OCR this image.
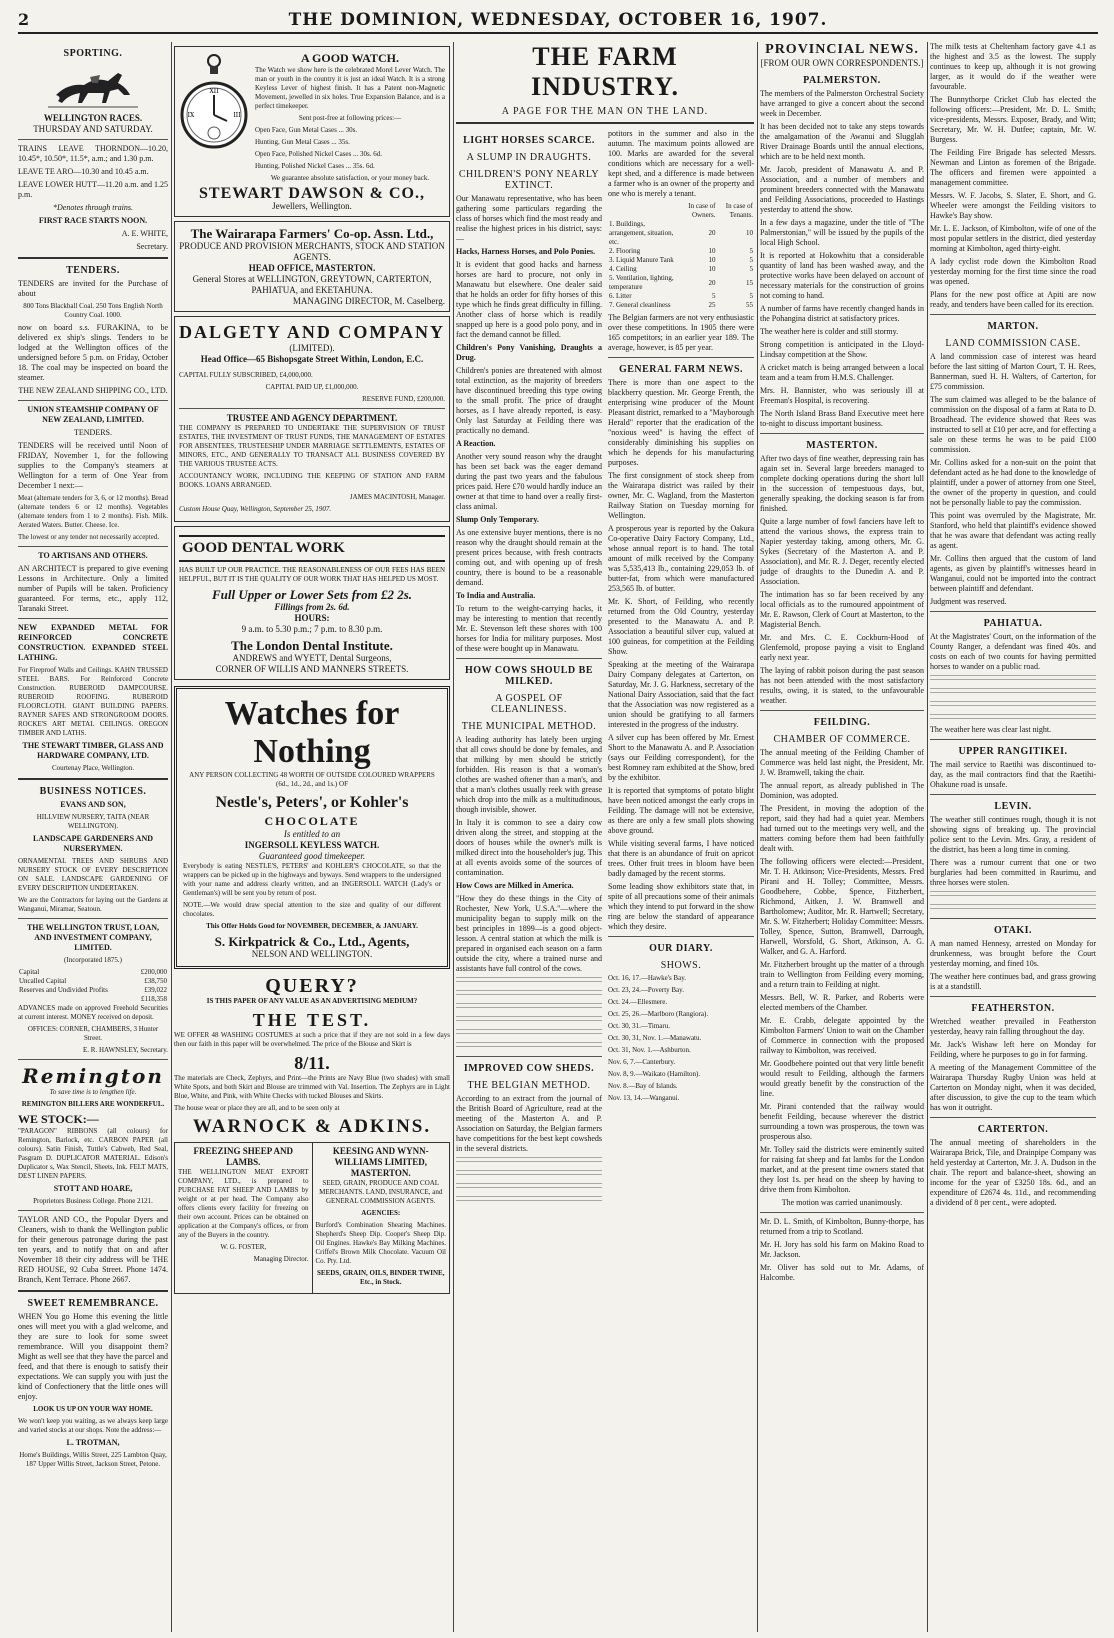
2	THE DOMINION, WEDNESDAY, OCTOBER 16, 1907.
SPORTING.
WELLINGTON RACES.
THURSDAY AND SATURDAY.
TRAINS LEAVE THORNDON—10.20, 10.45*, 10.50*, 11.5*, a.m.; and 1.30 p.m.
LEAVE TE ARO—10.30 and 10.45 a.m.
LEAVE LOWER HUTT—11.20 a.m. and 1.25 p.m.
*Denotes through trains.
FIRST RACE STARTS NOON.
A. E. WHITE,
Secretary.
TENDERS.
TENDERS are invited for the Purchase of about
800 Tons Blackball Coal. 250 Tons English North Country Coal. 1000.
now on board s.s. FURAKINA, to be delivered ex ship's slings. Tenders to be lodged at the Wellington offices of the undersigned before 5 p.m. on Friday, October 18. The coal may be inspected on board the steamer.
THE NEW ZEALAND SHIPPING CO., LTD.
UNION STEAMSHIP COMPANY OF NEW ZEALAND, LIMITED.
TENDERS.
TENDERS will be received until Noon of FRIDAY, November 1, for the following supplies to the Company's steamers at Wellington for a term of One Year from December 1 next:—
Meat (alternate tenders for 3, 6, or 12 months). Bread (alternate tenders 6 or 12 months). Vegetables (alternate tenders from 1 to 2 months). Fish. Milk. Aerated Waters. Butter. Cheese. Ice.
The lowest or any tender not necessarily accepted.
TO ARTISANS AND OTHERS.
AN ARCHITECT is prepared to give evening Lessons in Architecture. Only a limited number of Pupils will be taken. Proficiency guaranteed. For terms, etc., apply 112, Taranaki Street.
NEW EXPANDED METAL FOR REINFORCED CONCRETE CONSTRUCTION. EXPANDED STEEL LATHING.
For Fireproof Walls and Ceilings. KAHN TRUSSED STEEL BARS. For Reinforced Concrete Construction. RUBEROID DAMPCOURSE. RUBEROID ROOFING. RUBEROID FLOORCLOTH. GIANT BUILDING PAPERS. RAYNER SAFES AND STRONGROOM DOORS. ROCKE'S ART METAL CEILINGS. OREGON TIMBER AND LATHS.
THE STEWART TIMBER, GLASS AND HARDWARE COMPANY, LTD.
Courtenay Place, Wellington.
BUSINESS NOTICES.
EVANS AND SON,
HILLVIEW NURSERY, TAITA (NEAR WELLINGTON).
LANDSCAPE GARDENERS AND NURSERYMEN.
ORNAMENTAL TREES AND SHRUBS AND NURSERY STOCK OF EVERY DESCRIPTION ON SALE. LANDSCAPE GARDENING OF EVERY DESCRIPTION UNDERTAKEN.
We are the Contractors for laying out the Gardens at Wanganui, Miramar, Seatoun.
THE WELLINGTON TRUST, LOAN, AND INVESTMENT COMPANY, LIMITED.
(Incorporated 1875.)
Capital	£200,000
Uncalled Capital	£38,750
Reserves and Undivided Profits	£39,022
	£118,358
ADVANCES made on approved Freehold Securities at current interest. MONEY received on deposit.
OFFICES: CORNER, CHAMBERS, 3 Hunter Street.
E. R. HAWNSLEY, Secretary.
Remington
To save time is to lengthen life.
REMINGTON BILLERS ARE WONDERFUL.
WE STOCK:—
"PARAGON" RIBBONS (all colours) for Remington, Barlock, etc. CARBON PAPER (all colours). Satin Finish, Tuttle's Cabweb, Red Seal, Pasgram D. DUPLICATOR MATERIAL. Edison's Duplicator s, Wax Stencil, Sheets, Ink. FELT MATS, DEST LINEN PAPERS.
STOTT AND HOARE,
Proprietors Business College. Phone 2121.
TAYLOR AND CO., the Popular Dyers and Cleaners, wish to thank the Wellington public for their generous patronage during the past ten years, and to notify that on and after November 18 their city address will be THE RED HOUSE, 92 Cuba Street. Phone 1474. Branch, Kent Terrace. Phone 2667.
SWEET REMEMBRANCE.
WHEN You go Home this evening the little ones will meet you with a glad welcome, and they are sure to look for some sweet remembrance. Will you disappoint them? Might as well see that they have the parcel and feed, and that there is enough to satisfy their expectations. We can supply you with just the kind of Confectionery that the little ones will enjoy.
LOOK US UP ON YOUR WAY HOME.
We won't keep you waiting, as we always keep large and varied stocks at our shops. Note the address:—
L. TROTMAN,
Home's Buildings, Willis Street, 225 Lambton Quay, 187 Upper Willis Street, Jackson Street, Petone.
XII
III
IX
A GOOD WATCH.
The Watch we show here is the celebrated Morel Lever Watch. The man or youth in the country it is just an ideal Watch. It is a strong Keyless Lever of highest finish. It has a Patent non-Magnetic Movement, jewelled in six holes. True Expansion Balance, and is a perfect timekeeper.
Sent post-free at following prices:—
Open Face, Gun Metal Cases ... 30s.
Hunting, Gun Metal Cases ... 35s.
Open Face, Polished Nickel Cases ... 30s. 6d.
Hunting, Polished Nickel Cases ... 35s. 6d.
We guarantee absolute satisfaction, or your money back.
STEWART DAWSON & CO.,
Jewellers, Wellington.
The Wairarapa Farmers' Co-op. Assn. Ltd.,
PRODUCE AND PROVISION MERCHANTS, STOCK AND STATION AGENTS.
HEAD OFFICE, MASTERTON.
General Stores at WELLINGTON, GREYTOWN, CARTERTON, PAHIATUA, and EKETAHUNA.
MANAGING DIRECTOR, M. Caselberg.
DALGETY AND COMPANY
(LIMITED).
Head Office—65 Bishopsgate Street Within, London, E.C.
CAPITAL FULLY SUBSCRIBED, £4,000,000.
CAPITAL PAID UP, £1,000,000.
RESERVE FUND, £200,000.
TRUSTEE AND AGENCY DEPARTMENT.
THE COMPANY IS PREPARED TO UNDERTAKE THE SUPERVISION OF TRUST ESTATES, THE INVESTMENT OF TRUST FUNDS, THE MANAGEMENT OF ESTATES FOR ABSENTEES, TRUSTEESHIP UNDER MARRIAGE SETTLEMENTS, ESTATES OF MINORS, ETC., AND GENERALLY TO TRANSACT ALL BUSINESS COVERED BY THE VARIOUS TRUSTEE ACTS.
ACCOUNTANCY WORK, INCLUDING THE KEEPING OF STATION AND FARM BOOKS. LOANS ARRANGED.
JAMES MACINTOSH, Manager.
Custom House Quay, Wellington, September 25, 1907.
GOOD DENTAL WORK
HAS BUILT UP OUR PRACTICE. THE REASONABLENESS OF OUR FEES HAS BEEN HELPFUL, BUT IT IS THE QUALITY OF OUR WORK THAT HAS HELPED US MOST.
Full Upper or Lower Sets from £2 2s.
Fillings from 2s. 6d.
HOURS:
9 a.m. to 5.30 p.m.; 7 p.m. to 8.30 p.m.
The London Dental Institute.
ANDREWS and WYETT, Dental Surgeons,
CORNER OF WILLIS AND MANNERS STREETS.
Watches for Nothing
ANY PERSON COLLECTING 48 WORTH OF OUTSIDE COLOURED WRAPPERS (6d., 1d., 2d., and 1s.) OF
Nestle's, Peters', or Kohler's
CHOCOLATE
Is entitled to an
INGERSOLL KEYLESS WATCH.
Guaranteed good timekeeper.
Everybody is eating NESTLE'S, PETERS' and KOHLER'S CHOCOLATE, so that the wrappers can be picked up in the highways and byways. Send wrappers to the undersigned with your name and address clearly written, and an INGERSOLL WATCH (Lady's or Gentleman's) will be sent you by return of post.
NOTE.—We would draw special attention to the size and quality of our different chocolates.
This Offer Holds Good for NOVEMBER, DECEMBER, & JANUARY.
S. Kirkpatrick & Co., Ltd., Agents,
NELSON AND WELLINGTON.
QUERY?
IS THIS PAPER OF ANY VALUE AS AN ADVERTISING MEDIUM?
THE TEST.
WE OFFER 48 WASHING COSTUMES at such a price that if they are not sold in a few days then our faith in this paper will be overwhelmed. The price of the Blouse and Skirt is
8/11.
The materials are Check, Zephyrs, and Print—the Prints are Navy Blue (two shades) with small White Spots, and both Skirt and Blouse are trimmed with Val. Insertion. The Zephyrs are in Light Blue, White, and Pink, with White Checks with tucked Blouses and Skirts.
The house wear or place they are all, and to be seen only at
WARNOCK & ADKINS.
FREEZING SHEEP AND LAMBS.
THE WELLINGTON MEAT EXPORT COMPANY, LTD., is prepared to PURCHASE FAT SHEEP AND LAMBS by weight or at per head. The Company also offers clients every facility for freezing on their own account. Prices can be obtained on application at the Company's offices, or from any of the Buyers in the country.
W. G. FOSTER,
Managing Director.
KEESING AND WYNN-WILLIAMS LIMITED, MASTERTON.
SEED, GRAIN, PRODUCE AND COAL MERCHANTS. LAND, INSURANCE, and GENERAL COMMISSION AGENTS.
AGENCIES:
Burford's Combination Shearing Machines. Shepherd's Sheep Dip. Cooper's Sheep Dip. Oil Engines. Hawke's Bay Milking Machines. Criffel's Brown Milk Chocolate. Vacuum Oil Co. Pty. Ltd.
SEEDS, GRAIN, OILS, BINDER TWINE, Etc., in Stock.
THE FARM INDUSTRY.
A PAGE FOR THE MAN ON THE LAND.
LIGHT HORSES SCARCE.
A SLUMP IN DRAUGHTS.
CHILDREN'S PONY NEARLY EXTINCT.
Our Manawatu representative, who has been gathering some particulars regarding the class of horses which find the most ready and realise the highest prices in his district, says:—
Hacks, Harness Horses, and Polo Ponies.
It is evident that good hacks and harness horses are hard to procure, not only in Manawatu but elsewhere. One dealer said that he holds an order for fifty horses of this type which he finds great difficulty in filling. Another class of horse which is readily snapped up here is a good polo pony, and in fact the demand cannot be filled.
Children's Pony Vanishing, Draughts a Drug.
Children's ponies are threatened with almost total extinction, as the majority of breeders have discontinued breeding this type owing to the small profit. The price of draught horses, as I have already reported, is easy. Only last Saturday at Feilding there was practically no demand.
A Reaction.
Another very sound reason why the draught has been set back was the eager demand during the past two years and the fabulous prices paid. Here £70 would hardly induce an owner at that time to hand over a really first-class animal.
Slump Only Temporary.
As one extensive buyer mentions, there is no reason why the draught should remain at the present prices because, with fresh contracts coming out, and with opening up of fresh country, there is bound to be a reasonable demand.
To India and Australia.
To return to the weight-carrying hacks, it may be interesting to mention that recently Mr. E. Stevenson left these shores with 100 horses for India for military purposes. Most of these were bought up in Manawatu.
HOW COWS SHOULD BE MILKED.
A GOSPEL OF CLEANLINESS.
THE MUNICIPAL METHOD.
A leading authority has lately been urging that all cows should be done by females, and that milking by men should be strictly forbidden. His reason is that a woman's clothes are washed oftener than a man's, and that a man's clothes usually reek with grease which drop into the milk as a multitudinous, though invisible, shower.
In Italy it is common to see a dairy cow driven along the street, and stopping at the doors of houses while the owner's milk is milked direct into the householder's jug. This at all events avoids some of the sources of contamination.
How Cows are Milked in America.
"How they do these things in the City of Rochester, New York, U.S.A."—where the municipality began to supply milk on the best principles in 1899—is a good object-lesson. A central station at which the milk is prepared in organised each season on a farm outside the city, where a trained nurse and assistants have full control of the cows.
IMPROVED COW SHEDS.
THE BELGIAN METHOD.
According to an extract from the journal of the British Board of Agriculture, read at the meeting of the Masterton A. and P. Association on Saturday, the Belgian farmers have competitions for the best kept cowsheds in the several districts.
potitors in the summer and also in the autumn. The maximum points allowed are 100. Marks are awarded for the several conditions which are necessary for a well-kept shed, and a difference is made between a farmer who is an owner of the property and one who is merely a tenant.
	In case of Owners.	In case of Tenants.
1. Buildings, arrangement, situation, etc.	20	10
2. Flooring	10	5
3. Liquid Manure Tank	10	5
4. Ceiling	10	5
5. Ventilation, lighting, temperature	20	15
6. Litter	5	5
7. General cleanliness	25	55
The Belgian farmers are not very enthusiastic over these competitions. In 1905 there were 165 competitors; in an earlier year 189. The average, however, is 85 per year.
GENERAL FARM NEWS.
There is more than one aspect to the blackberry question. Mr. George Frenth, the enterprising wine producer of the Mount Pleasant district, remarked to a "Mayborough Herald" reporter that the eradication of the "noxious weed" is having the effect of considerably diminishing his supplies on which he depends for his manufacturing purposes.
The first consignment of stock sheep from the Wairarapa district was railed by their owner, Mr. C. Wagland, from the Masterton Railway Station on Tuesday morning for Wellington.
A prosperous year is reported by the Oakura Co-operative Dairy Factory Company, Ltd., whose annual report is to hand. The total amount of milk received by the Company was 5,535,413 lb., containing 229,053 lb. of butter-fat, from which were manufactured 253,565 lb. of butter.
Mr. K. Short, of Feilding, who recently returned from the Old Country, yesterday presented to the Manawatu A. and P. Association a beautiful silver cup, valued at 100 guineas, for competition at the Feilding Show.
Speaking at the meeting of the Wairarapa Dairy Company delegates at Carterton, on Saturday, Mr. J. G. Harkness, secretary of the National Dairy Association, said that the fact that the Association was now registered as a union should be gratifying to all farmers interested in the progress of the industry.
A silver cup has been offered by Mr. Ernest Short to the Manawatu A. and P. Association (says our Feilding correspondent), for the best Romney ram exhibited at the Show, bred by the exhibitor.
It is reported that symptoms of potato blight have been noticed amongst the early crops in Feilding. The damage will not be extensive, as there are only a few small plots showing above ground.
While visiting several farms, I have noticed that there is an abundance of fruit on apricot trees. Other fruit trees in bloom have been badly damaged by the recent storms.
Some leading show exhibitors state that, in spite of all precautions some of their animals which they intend to put forward in the show ring are below the standard of appearance which they desire.
OUR DIARY.
SHOWS.
Oct. 16, 17.—Hawke's Bay.
Oct. 23, 24.—Poverty Bay.
Oct. 24.—Ellesmere.
Oct. 25, 26.—Marlboro (Rangiora).
Oct. 30, 31.—Timaru.
Oct. 30, 31, Nov. 1.—Manawatu.
Oct. 31, Nov. 1.—Ashburton.
Nov. 6, 7.—Canterbury.
Nov. 8, 9.—Waikato (Hamilton).
Nov. 8.—Bay of Islands.
Nov. 13, 14.—Wanganui.
PROVINCIAL NEWS.
[FROM OUR OWN CORRESPONDENTS.]
PALMERSTON.
The members of the Palmerston Orchestral Society have arranged to give a concert about the second week in December.
It has been decided not to take any steps towards the amalgamation of the Awanui and Slugglah River Drainage Boards until the annual elections, which are to be held next month.
Mr. Jacob, president of Manawatu A. and P. Association, and a number of members and prominent breeders connected with the Manawatu and Feilding Associations, proceeded to Hastings yesterday to attend the show.
In a few days a magazine, under the title of "The Palmerstonian," will be issued by the pupils of the local High School.
It is reported at Hokowhitu that a considerable quantity of land has been washed away, and the protective works have been delayed on account of necessary materials for the construction of groins not coming to hand.
A number of farms have recently changed hands in the Pohangina district at satisfactory prices.
The weather here is colder and still stormy.
Strong competition is anticipated in the Lloyd-Lindsay competition at the Show.
A cricket match is being arranged between a local team and a team from H.M.S. Challenger.
Mrs. H. Bannister, who was seriously ill at Freeman's Hospital, is recovering.
The North Island Brass Band Executive meet here to-night to discuss important business.
MASTERTON.
After two days of fine weather, depressing rain has again set in. Several large breeders managed to complete docking operations during the short lull in the succession of tempestuous days, but, generally speaking, the docking season is far from finished.
Quite a large number of fowl fanciers have left to attend the various shows, the express train to Napier yesterday taking, among others, Mr. G. Sykes (Secretary of the Masterton A. and P. Association), and Mr. R. J. Deger, recently elected judge of draughts to the Dunedin A. and P. Association.
The intimation has so far been received by any local officials as to the rumoured appointment of Mr. E. Rawson, Clerk of Court at Masterton, to the Magisterial Bench.
Mr. and Mrs. C. E. Cockburn-Hood of Glenfemold, propose paying a visit to England early next year.
The laying of rabbit poison during the past season has not been attended with the most satisfactory results, owing, it is stated, to the unfavourable weather.
FEILDING.
CHAMBER OF COMMERCE.
The annual meeting of the Feilding Chamber of Commerce was held last night, the President, Mr. J. W. Bramwell, taking the chair.
The annual report, as already published in The Dominion, was adopted.
The President, in moving the adoption of the report, said they had had a quiet year. Members had turned out to the meetings very well, and the matters coming before them had been faithfully dealt with.
The following officers were elected:—President, Mr. T. H. Atkinson; Vice-Presidents, Messrs. Fred Pirani and H. Tolley; Committee, Messrs. Goodbehere, Cobbe, Spence, Fitzherbert, Richmond, Aitken, J. W. Bramwell and Bartholomew; Auditor, Mr. R. Hartwell; Secretary, Mr. S. W. Fitzherbert; Holiday Committee: Messrs. Tolley, Spence, Sutton, Bramwell, Darrough, Harwell, Worsfold, G. Short, Atkinson, A. G. Walker, and G. A. Harford.
Mr. Fitzherbert brought up the matter of a through train to Wellington from Feilding every morning, and a return train to Feilding at night.
Messrs. Bell, W. R. Parker, and Roberts were elected members of the Chamber.
Mr. E. Crabb, delegate appointed by the Kimbolton Farmers' Union to wait on the Chamber of Commerce in connection with the proposed railway to Kimbolton, was received.
Mr. Goodbehere pointed out that very little benefit would result to Feilding, although the farmers would greatly benefit by the construction of the line.
Mr. Pirani contended that the railway would benefit Feilding, because wherever the district surrounding a town was prosperous, the town was prosperous also.
Mr. Tolley said the districts were eminently suited for raising fat sheep and fat lambs for the London market, and at the present time owners stated that they lost 1s. per head on the sheep by having to drive them from Kimbolton.
The motion was carried unanimously.
Mr. D. L. Smith, of Kimbolton, Bunny-thorpe, has returned from a trip to Scotland.
Mr. H. Jory has sold his farm on Makino Road to Mr. Jackson.
Mr. Oliver has sold out to Mr. Adams, of Halcombe.
The milk tests at Cheltenham factory gave 4.1 as the highest and 3.5 as the lowest. The supply continues to keep up, although it is not growing larger, as it would do if the weather were favourable.
The Bunnythorpe Cricket Club has elected the following officers:—President, Mr. D. L. Smith; vice-presidents, Messrs. Exposer, Brady, and Witt; Secretary, Mr. W. H. Dutfee; captain, Mr. W. Burgess.
The Feilding Fire Brigade has selected Messrs. Newman and Linton as foremen of the Brigade. The officers and firemen were appointed a management committee.
Messrs. W. F. Jacobs, S. Slater, E. Short, and G. Wheeler were amongst the Feilding visitors to Hawke's Bay show.
Mr. L. E. Jackson, of Kimbolton, wife of one of the most popular settlers in the district, died yesterday morning at Kimbolton, aged thirty-eight.
A lady cyclist rode down the Kimbolton Road yesterday morning for the first time since the road was opened.
Plans for the new post office at Apiti are now ready, and tenders have been called for its erection.
MARTON.
LAND COMMISSION CASE.
A land commission case of interest was heard before the last sitting of Marton Court, T. H. Rees, Bannerman, sued H. H. Walters, of Carterton, for £75 commission.
The sum claimed was alleged to be the balance of commission on the disposal of a farm at Rata to D. Broadhead. The evidence showed that Rees was instructed to sell at £10 per acre, and for effecting a sale on these terms he was to be paid £100 commission.
Mr. Collins asked for a non-suit on the point that defendant acted as he had done to the knowledge of plaintiff, under a power of attorney from one Steel, the owner of the property in question, and could not be personally liable to pay the commission.
This point was overruled by the Magistrate, Mr. Stanford, who held that plaintiff's evidence showed that he was aware that defendant was acting really as agent.
Mr. Collins then argued that the custom of land agents, as given by plaintiff's witnesses heard in Wanganui, could not be imported into the contract between plaintiff and defendant.
Judgment was reserved.
PAHIATUA.
At the Magistrates' Court, on the information of the County Ranger, a defendant was fined 40s. and costs on each of two counts for having permitted horses to wander on a public road.
The weather here was clear last night.
UPPER RANGITIKEI.
The mail service to Raetihi was discontinued to-day, as the mail contractors find that the Raetihi-Ohakune road is unsafe.
LEVIN.
The weather still continues rough, though it is not showing signs of breaking up. The provincial police sent to the Levin. Mrs. Gray, a resident of the district, has been a long time in coming.
There was a rumour current that one or two burglaries had been committed in Raurimu, and three horses were stolen.
OTAKI.
A man named Hennesy, arrested on Monday for drunkenness, was brought before the Court yesterday morning, and fined 10s.
The weather here continues bad, and grass growing is at a standstill.
FEATHERSTON.
Wretched weather prevailed in Featherston yesterday, heavy rain falling throughout the day.
Mr. Jack's Wishaw left here on Monday for Feilding, where he purposes to go in for farming.
A meeting of the Management Committee of the Wairarapa Thursday Rugby Union was held at Carterton on Monday night, when it was decided, after discussion, to give the cup to the team which has won it outright.
CARTERTON.
The annual meeting of shareholders in the Wairarapa Brick, Tile, and Drainpipe Company was held yesterday at Carterton, Mr. J. A. Dudson in the chair. The report and balance-sheet, showing an income for the year of £3250 18s. 6d., and an expenditure of £2674 4s. 11d., and recommending a dividend of 8 per cent., were adopted.
